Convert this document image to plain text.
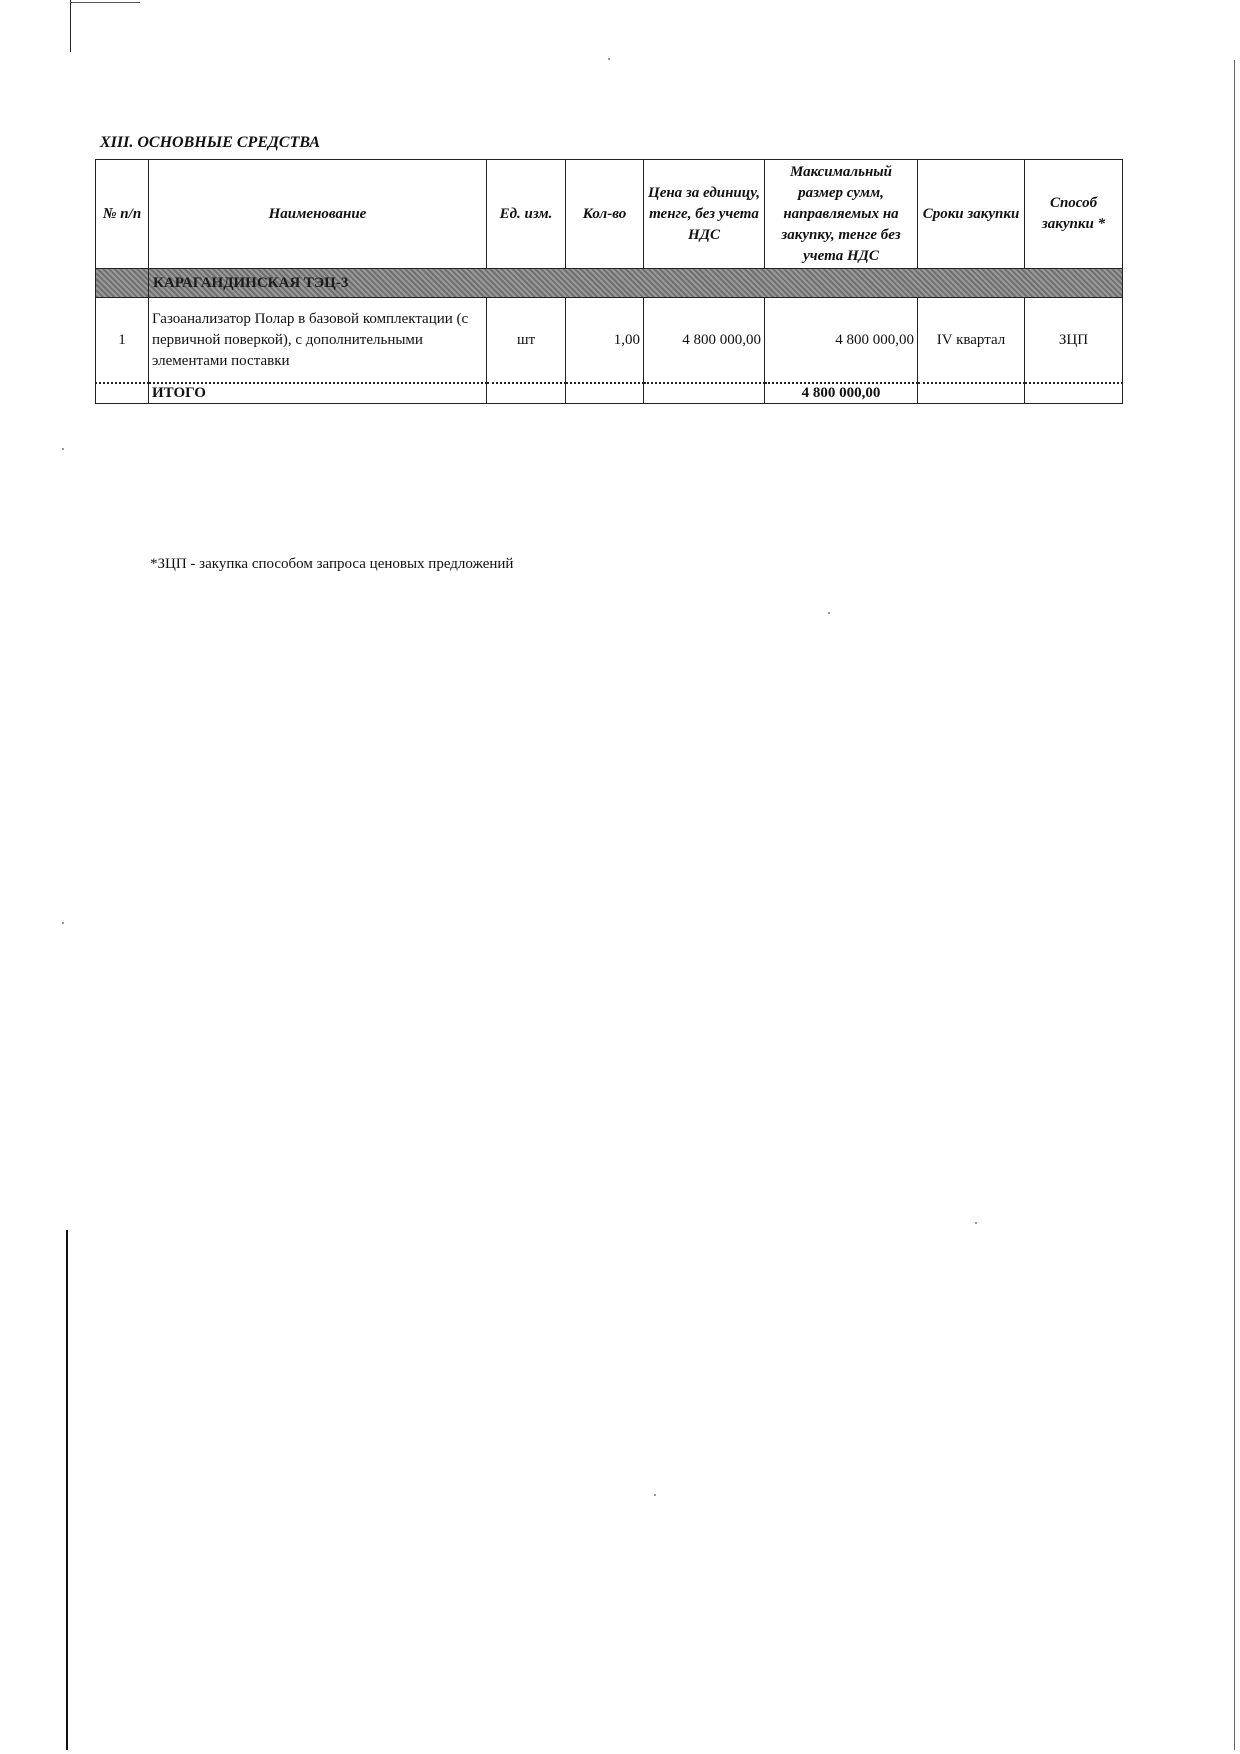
XIII. ОСНОВНЫЕ СРЕДСТВА
№ п/п	Наименование	Ед. изм.	Кол-во	Цена за единицу, тенге, без учета НДС	Максимальный размер сумм, направляемых на закупку, тенге без учета НДС	Сроки закупки	Способ закупки *
	КАРАГАНДИНСКАЯ ТЭЦ-3						
1	Газоанализатор Полар в базовой комплектации (с первичной поверкой), с дополнительными элементами поставки	шт	1,00	4 800 000,00	4 800 000,00	IV квартал	ЗЦП
	ИТОГО				4 800 000,00		
*ЗЦП - закупка способом запроса ценовых предложений
